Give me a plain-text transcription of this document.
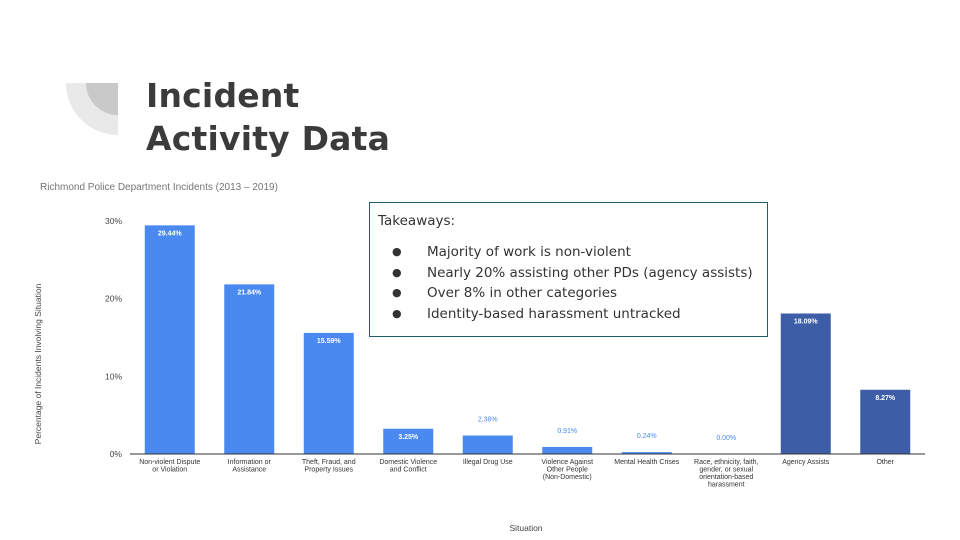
Incident
Activity Data
Richmond Police Department Incidents (2013 – 2019)
Percentage of Incidents Involving Situation
Situation
0%
10%
20%
30%
29.44%
21.84%
15.59%
3.25%
2.38%
0.91%
0.24%	0.00%
18.09%
8.27%
Non-violent Dispute or Violation
Information or Assistance
Theft, Fraud, and Property Issues
Domestic Violence and Conflict
Illegal Drug Use	Violence Against Other People (Non-Domestic)
Mental Health Crises Race, ethnicity, faith, gender, or sexual orientation-based harassment
Agency Assists	Other

Takeaways:

● Majority of work is non-violent
● Nearly 20% assisting other PDs (agency assists)
● Over 8% in other categories
● Identity-based harassment untracked
